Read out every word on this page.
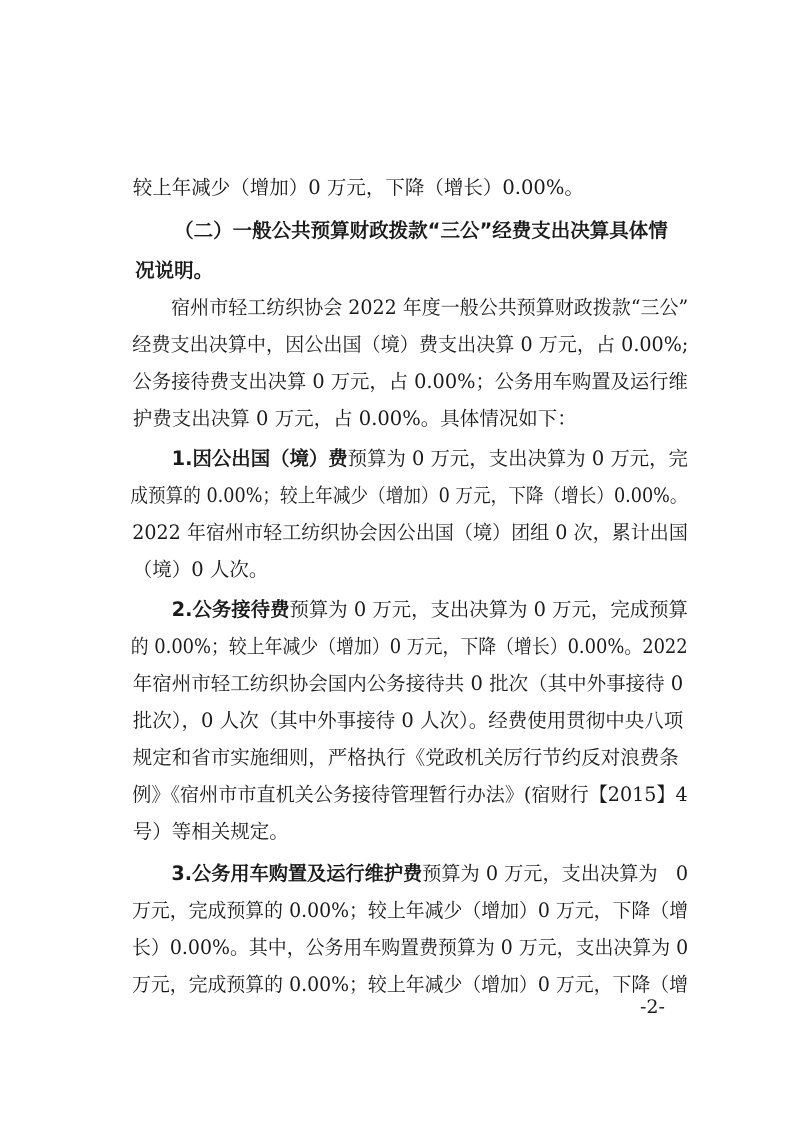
较上年减少（增加）0 万元，下降（增长）0.00%。

（二）一般公共预算财政拨款“三公”经费支出决算具体情

况说明。

宿州市轻工纺织协会 2022 年度一般公共预算财政拨款“三公”

经费支出决算中，因公出国（境）费支出决算 0 万元，占 0.00%;

公务接待费支出决算 0 万元，占 0.00%；公务用车购置及运行维

护费支出决算 0 万元，占 0.00%。具体情况如下：

1.因公出国（境）费预算为 0 万元，支出决算为 0 万元，完

成预算的 0.00%；较上年减少（增加）0 万元，下降（增长）0.00%。

2022 年宿州市轻工纺织协会因公出国（境）团组 0 次，累计出国

（境）0 人次。

2.公务接待费预算为 0 万元，支出决算为 0 万元，完成预算

的 0.00%；较上年减少（增加）0 万元，下降（增长）0.00%。2022

年宿州市轻工纺织协会国内公务接待共 0 批次（其中外事接待 0

批次），0 人次（其中外事接待 0 人次）。经费使用贯彻中央八项

规定和省市实施细则，严格执行《党政机关厉行节约反对浪费条

例》《宿州市市直机关公务接待管理暂行办法》(宿财行【2015】4

号）等相关规定。

3.公务用车购置及运行维护费预算为 0 万元，支出决算为   0

万元，完成预算的 0.00%；较上年减少（增加）0 万元，下降（增

长）0.00%。其中，公务用车购置费预算为 0 万元，支出决算为 0

万元，完成预算的 0.00%；较上年减少（增加）0 万元，下降（增

-2-
